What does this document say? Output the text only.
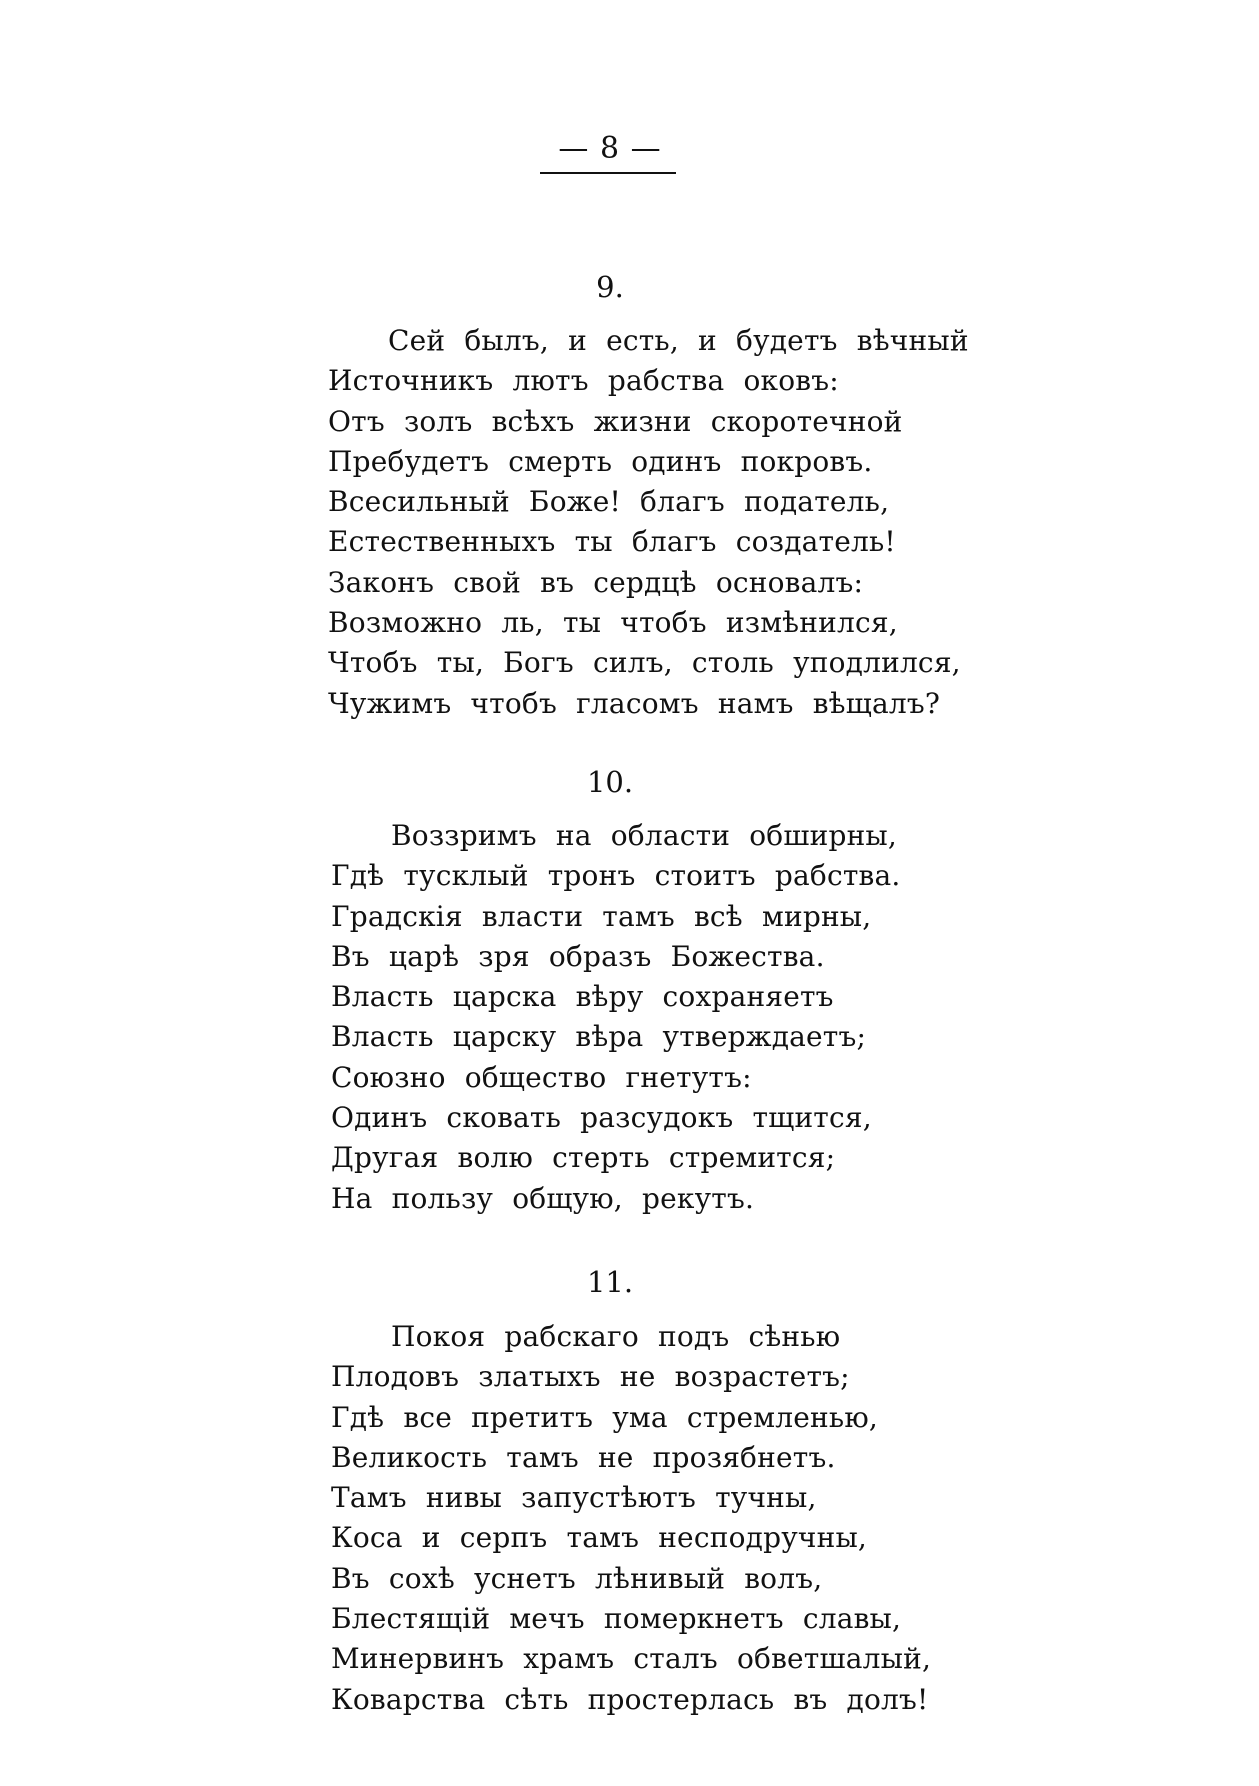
— 8 —
9.
Сей былъ, и есть, и будетъ вѣчный
Источникъ лютъ рабства оковъ:
Отъ золъ всѣхъ жизни скоротечной
Пребудетъ смерть одинъ покровъ.
Всесильный Боже! благъ податель,
Естественныхъ ты благъ создатель!
Законъ свой въ сердцѣ основалъ:
Возможно ль, ты чтобъ измѣнился,
Чтобъ ты, Богъ силъ, столь уподлился,
Чужимъ чтобъ гласомъ намъ вѣщалъ?
10.
Воззримъ на области обширны,
Гдѣ тусклый тронъ стоитъ рабства.
Градскія власти тамъ всѣ мирны,
Въ царѣ зря образъ Божества.
Власть царска вѣру сохраняетъ
Власть царску вѣра утверждаетъ;
Союзно общество гнетутъ:
Одинъ сковать разсудокъ тщится,
Другая волю стерть стремится;
На пользу общую, рекутъ.
11.
Покоя рабскаго подъ сѣнью
Плодовъ златыхъ не возрастетъ;
Гдѣ все претитъ ума стремленью,
Великость тамъ не прозябнетъ.
Тамъ нивы запустѣютъ тучны,
Коса и серпъ тамъ несподручны,
Въ сохѣ уснетъ лѣнивый волъ,
Блестящій мечъ померкнетъ славы,
Минервинъ храмъ сталъ обветшалый,
Коварства сѣть простерлась въ долъ!
